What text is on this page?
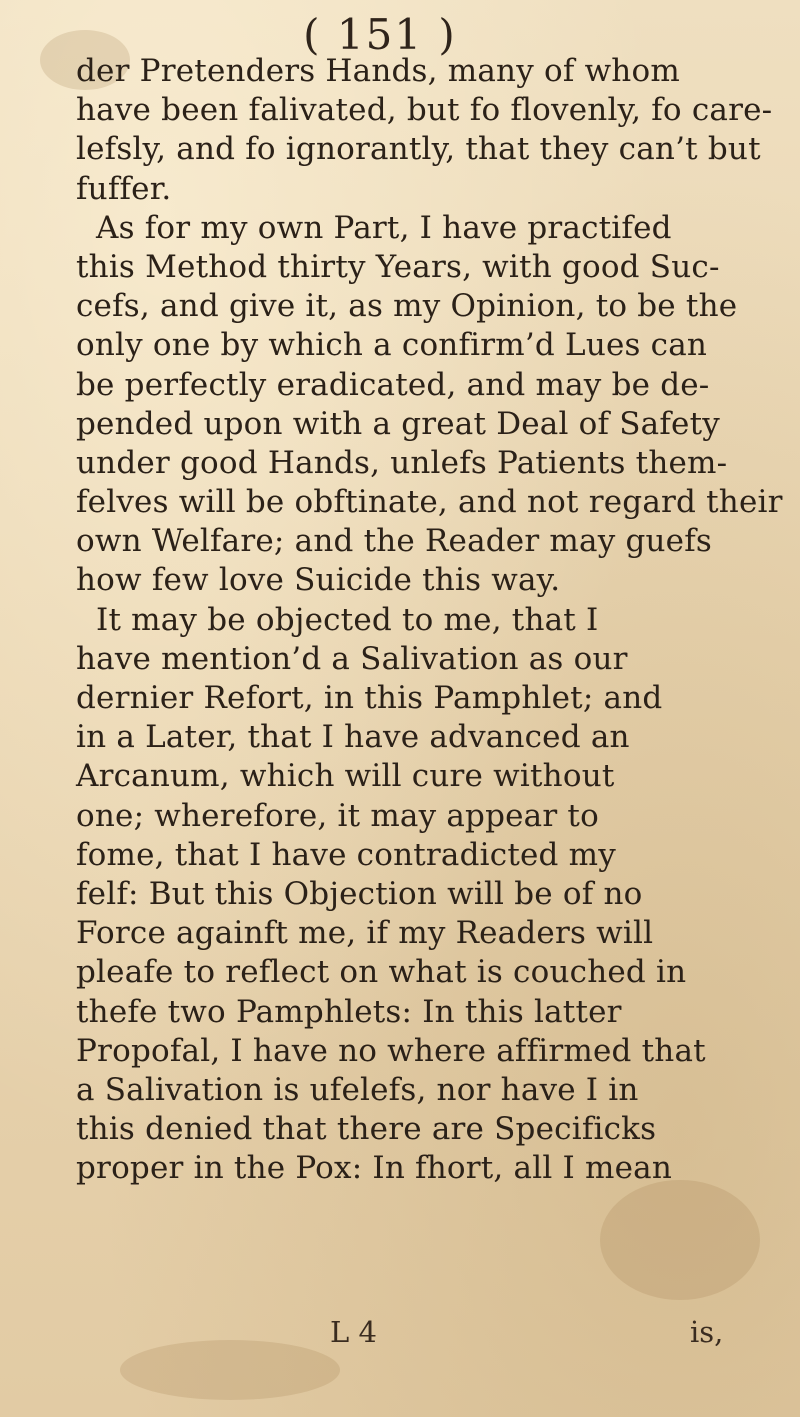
( 151 )
der Pretenders Hands, many of whom
have been falivated, but fo flovenly, fo care-
lefsly, and fo ignorantly, that they can’t but
fuffer.
As for my own Part, I have practifed
this Method thirty Years, with good Suc-
cefs, and give it, as my Opinion, to be the
only one by which a confirm’d Lues can
be perfectly eradicated, and may be de-
pended upon with a great Deal of Safety
under good Hands, unlefs Patients them-
felves will be obftinate, and not regard their
own Welfare; and the Reader may guefs
how few love Suicide this way.
It may be objected to me, that I
have mention’d a Salivation as our
dernier Refort, in this Pamphlet; and
in a Later, that I have advanced an
Arcanum, which will cure without
one; wherefore, it may appear to
fome, that I have contradicted my
felf: But this Objection will be of no
Force againft me, if my Readers will
pleafe to reflect on what is couched in
thefe two Pamphlets: In this latter
Propofal, I have no where affirmed that
a Salivation is ufelefs, nor have I in
this denied that there are Specificks
proper in the Pox: In fhort, all I mean
L 4	is,
